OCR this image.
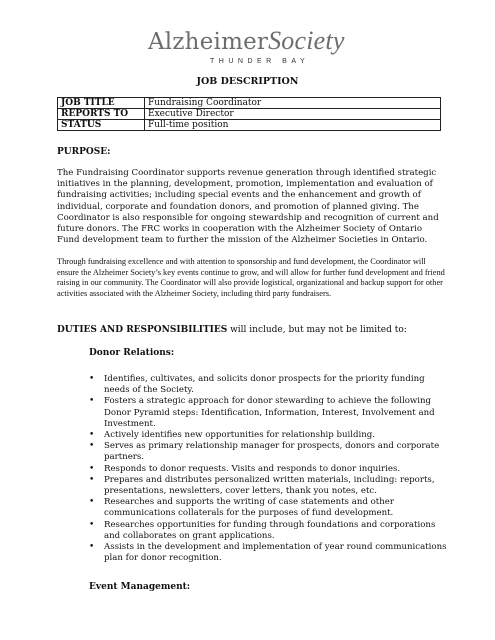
AlzheimerSociety
THUNDER BAY
JOB DESCRIPTION
JOB TITLE	Fundraising Coordinator
REPORTS TO	Executive Director
STATUS	Full-time position
PURPOSE:

The Fundraising Coordinator supports revenue generation through identified strategic initiatives in the planning, development, promotion, implementation and evaluation of fundraising activities; including special events and the enhancement and growth of individual, corporate and foundation donors, and promotion of planned giving. The Coordinator is also responsible for ongoing stewardship and recognition of current and future donors. The FRC works in cooperation with the Alzheimer Society of Ontario Fund development team to further the mission of the Alzheimer Societies in Ontario.

Through fundraising excellence and with attention to sponsorship and fund development, the Coordinator will ensure the Alzheimer Society’s key events continue to grow, and will allow for further fund development and friend raising in our community. The Coordinator will also provide logistical, organizational and backup support for other activities associated with the Alzheimer Society, including third party fundraisers.

DUTIES AND RESPONSIBILITIES will include, but may not be limited to:
Donor Relations:
• Identifies, cultivates, and solicits donor prospects for the priority funding needs of the Society.
• Fosters a strategic approach for donor stewarding to achieve the following Donor Pyramid steps: Identification, Information, Interest, Involvement and Investment.
• Actively identifies new opportunities for relationship building.
• Serves as primary relationship manager for prospects, donors and corporate partners.
• Responds to donor requests. Visits and responds to donor inquiries.
• Prepares and distributes personalized written materials, including: reports, presentations, newsletters, cover letters, thank you notes, etc.
• Researches and supports the writing of case statements and other communications collaterals for the purposes of fund development.
• Researches opportunities for funding through foundations and corporations and collaborates on grant applications.
• Assists in the development and implementation of year round communications plan for donor recognition.
Event Management:
